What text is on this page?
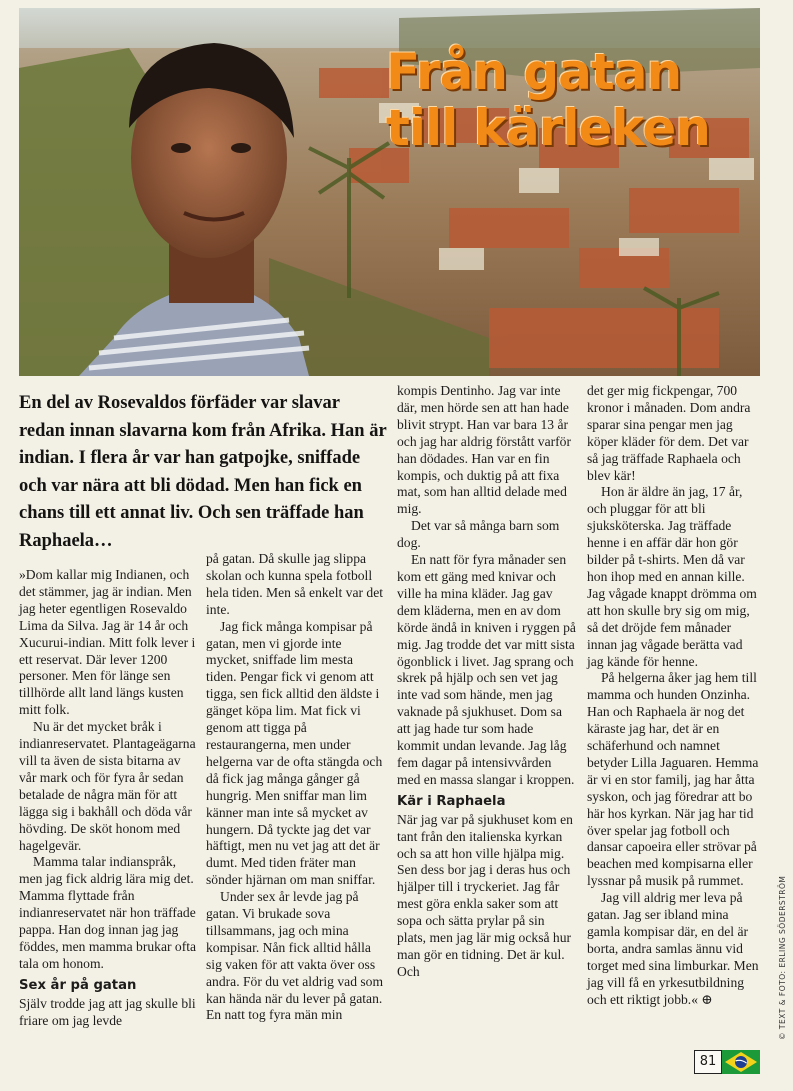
Från gatan
till kärleken

En del av Rosevaldos förfäder var slavar redan innan slavarna kom från Afrika. Han är indian. I flera år var han gatpojke, sniffade och var nära att bli dödad. Men han fick en chans till ett annat liv. Och sen träffade han Raphaela…

»Dom kallar mig Indianen, och det stämmer, jag är indian. Men jag heter egentligen Rosevaldo Lima da Silva. Jag är 14 år och Xucurui-indian. Mitt folk lever i ett reservat. Där lever 1200 personer. Men för länge sen tillhörde allt land längs kusten mitt folk.

Nu är det mycket bråk i indianreservatet. Plantageägarna vill ta även de sista bitarna av vår mark och för fyra år sedan betalade de några män för att lägga sig i bakhåll och döda vår hövding. De sköt honom med hagelgevär.

Mamma talar indianspråk, men jag fick aldrig lära mig det. Mamma flyttade från indianreservatet när hon träffade pappa. Han dog innan jag jag föddes, men mamma brukar ofta tala om honom.

Sex år på gatan

Själv trodde jag att jag skulle bli friare om jag levde

på gatan. Då skulle jag slippa skolan och kunna spela fotboll hela tiden. Men så enkelt var det inte.

Jag fick många kompisar på gatan, men vi gjorde inte mycket, sniffade lim mesta tiden. Pengar fick vi genom att tigga, sen fick alltid den äldste i gänget köpa lim. Mat fick vi genom att tigga på restaurangerna, men under helgerna var de ofta stängda och då fick jag många gånger gå hungrig. Men sniffar man lim känner man inte så mycket av hungern. Då tyckte jag det var häftigt, men nu vet jag att det är dumt. Med tiden fräter man sönder hjärnan om man sniffar.

Under sex år levde jag på gatan. Vi brukade sova tillsammans, jag och mina kompisar. Nån fick alltid hålla sig vaken för att vakta över oss andra. För du vet aldrig vad som kan hända när du lever på gatan. En natt tog fyra män min

kompis Dentinho. Jag var inte där, men hörde sen att han hade blivit strypt. Han var bara 13 år och jag har aldrig förstått varför han dödades. Han var en fin kompis, och duktig på att fixa mat, som han alltid delade med mig.

Det var så många barn som dog.

En natt för fyra månader sen kom ett gäng med knivar och ville ha mina kläder. Jag gav dem kläderna, men en av dom körde ändå in kniven i ryggen på mig. Jag trodde det var mitt sista ögonblick i livet. Jag sprang och skrek på hjälp och sen vet jag inte vad som hände, men jag vaknade på sjukhuset. Dom sa att jag hade tur som hade kommit undan levande. Jag låg fem dagar på intensivvården med en massa slangar i kroppen.

Kär i Raphaela

När jag var på sjukhuset kom en tant från den italienska kyrkan och sa att hon ville hjälpa mig. Sen dess bor jag i deras hus och hjälper till i tryckeriet. Jag får mest göra enkla saker som att sopa och sätta prylar på sin plats, men jag lär mig också hur man gör en tidning. Det är kul. Och

det ger mig fickpengar, 700 kronor i månaden. Dom andra sparar sina pengar men jag köper kläder för dem. Det var så jag träffade Raphaela och blev kär!

Hon är äldre än jag, 17 år, och pluggar för att bli sjuksköterska. Jag träffade henne i en affär där hon gör bilder på t-shirts. Men då var hon ihop med en annan kille. Jag vågade knappt drömma om att hon skulle bry sig om mig, så det dröjde fem månader innan jag vågade berätta vad jag kände för henne.

På helgerna åker jag hem till mamma och hunden Onzinha. Han och Raphaela är nog det käraste jag har, det är en schäferhund och namnet betyder Lilla Jaguaren. Hemma är vi en stor familj, jag har åtta syskon, och jag föredrar att bo här hos kyrkan. När jag har tid över spelar jag fotboll och dansar capoeira eller strövar på beachen med kompisarna eller lyssnar på musik på rummet.

Jag vill aldrig mer leva på gatan. Jag ser ibland mina gamla kompisar där, en del är borta, andra samlas ännu vid torget med sina limburkar. Men jag vill få en yrkesutbildning och ett riktigt jobb.« ⊕	© TEXT & FOTO: ERLING SÖDERSTRÖM
81
